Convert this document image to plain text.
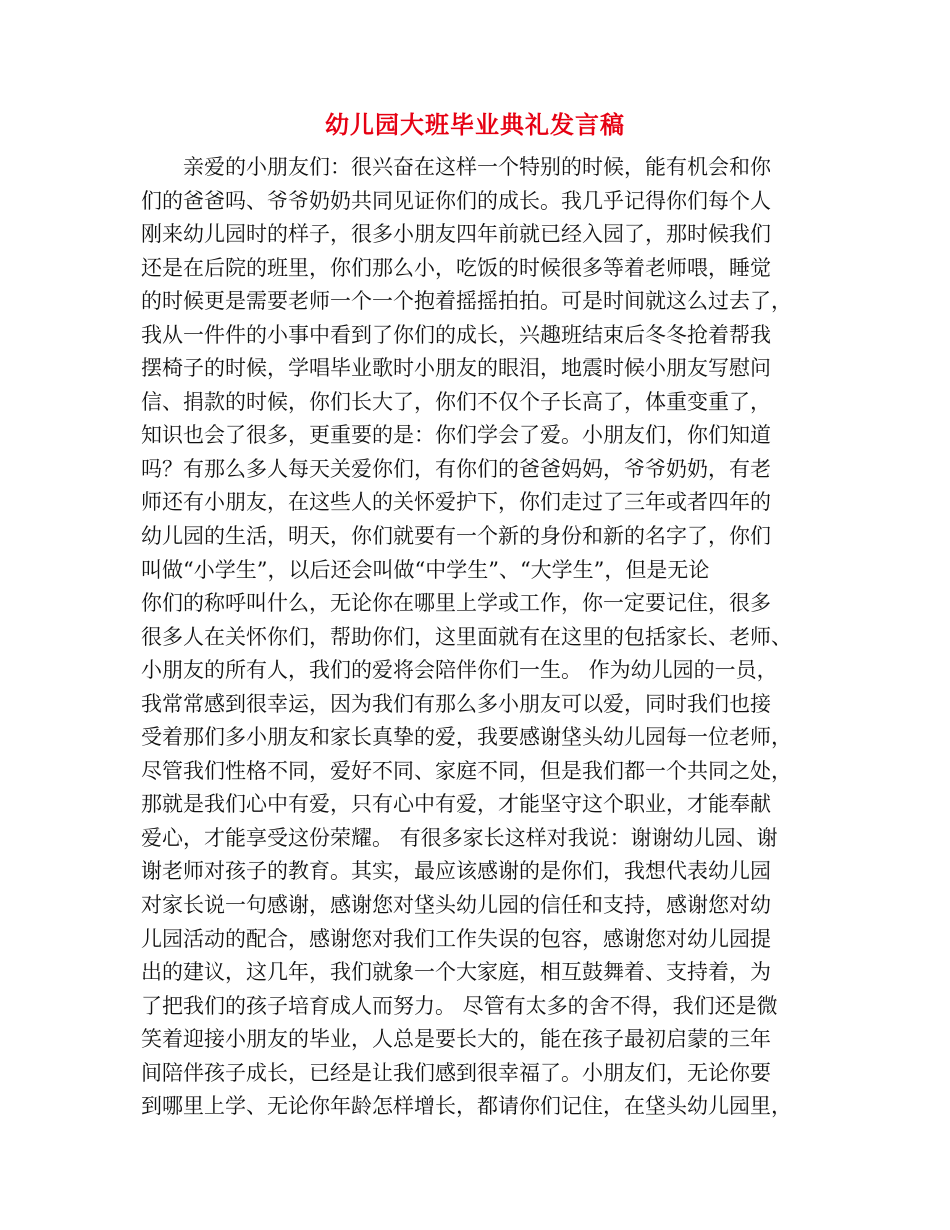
幼儿园大班毕业典礼发言稿
亲爱的小朋友们：很兴奋在这样一个特别的时候，能有机会和你
们的爸爸吗、爷爷奶奶共同见证你们的成长。我几乎记得你们每个人
刚来幼儿园时的样子，很多小朋友四年前就已经入园了，那时候我们
还是在后院的班里，你们那么小，吃饭的时候很多等着老师喂，睡觉
的时候更是需要老师一个一个抱着摇摇拍拍。可是时间就这么过去了，
我从一件件的小事中看到了你们的成长，兴趣班结束后冬冬抢着帮我
摆椅子的时候，学唱毕业歌时小朋友的眼泪，地震时候小朋友写慰问
信、捐款的时候，你们长大了，你们不仅个子长高了，体重变重了，
知识也会了很多，更重要的是：你们学会了爱。小朋友们，你们知道
吗？有那么多人每天关爱你们，有你们的爸爸妈妈，爷爷奶奶，有老
师还有小朋友，在这些人的关怀爱护下，你们走过了三年或者四年的
幼儿园的生活，明天，你们就要有一个新的身份和新的名字了，你们
叫做“小学生”，以后还会叫做“中学生”、“大学生”，但是无论
你们的称呼叫什么，无论你在哪里上学或工作，你一定要记住，很多
很多人在关怀你们，帮助你们，这里面就有在这里的包括家长、老师、
小朋友的所有人，我们的爱将会陪伴你们一生。 作为幼儿园的一员，
我常常感到很幸运，因为我们有那么多小朋友可以爱，同时我们也接
受着那们多小朋友和家长真挚的爱，我要感谢垡头幼儿园每一位老师，
尽管我们性格不同，爱好不同、家庭不同，但是我们都一个共同之处，
那就是我们心中有爱，只有心中有爱，才能坚守这个职业，才能奉献
爱心，才能享受这份荣耀。 有很多家长这样对我说：谢谢幼儿园、谢
谢老师对孩子的教育。其实，最应该感谢的是你们，我想代表幼儿园
对家长说一句感谢，感谢您对垡头幼儿园的信任和支持，感谢您对幼
儿园活动的配合，感谢您对我们工作失误的包容，感谢您对幼儿园提
出的建议，这几年，我们就象一个大家庭，相互鼓舞着、支持着，为
了把我们的孩子培育成人而努力。 尽管有太多的舍不得，我们还是微
笑着迎接小朋友的毕业，人总是要长大的，能在孩子最初启蒙的三年
间陪伴孩子成长，已经是让我们感到很幸福了。小朋友们，无论你要
到哪里上学、无论你年龄怎样增长，都请你们记住，在垡头幼儿园里，
